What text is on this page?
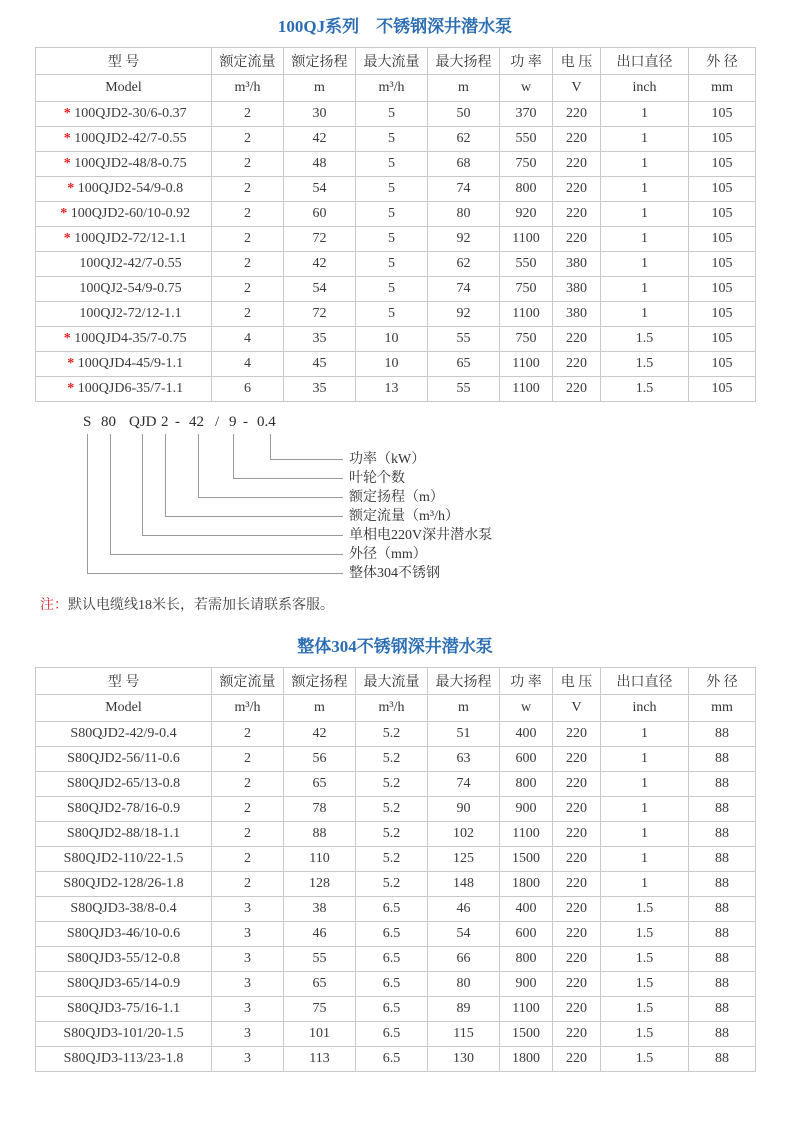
100QJ系列　不锈钢深井潜水泵
型 号	额定流量	额定扬程	最大流量	最大扬程	功 率	电 压	出口直径	外 径
Model	m³/h	m	m³/h	m	w	V	inch	mm
* 100QJD2-30/6-0.37	2	30	5	50	370	220	1	105
* 100QJD2-42/7-0.55	2	42	5	62	550	220	1	105
* 100QJD2-48/8-0.75	2	48	5	68	750	220	1	105
* 100QJD2-54/9-0.8	2	54	5	74	800	220	1	105
* 100QJD2-60/10-0.92	2	60	5	80	920	220	1	105
* 100QJD2-72/12-1.1	2	72	5	92	1100	220	1	105
100QJ2-42/7-0.55	2	42	5	62	550	380	1	105
100QJ2-54/9-0.75	2	54	5	74	750	380	1	105
100QJ2-72/12-1.1	2	72	5	92	1100	380	1	105
* 100QJD4-35/7-0.75	4	35	10	55	750	220	1.5	105
* 100QJD4-45/9-1.1	4	45	10	65	1100	220	1.5	105
* 100QJD6-35/7-1.1	6	35	13	55	1100	220	1.5	105
S 80 QJD 2 - 42 / 9 - 0.4
功率（kW）
叶轮个数
额定扬程（m）
额定流量（m³/h）
单相电220V深井潜水泵
外径（mm）
整体304不锈钢
注：默认电缆线18米长，若需加长请联系客服。
整体304不锈钢深井潜水泵
型 号	额定流量	额定扬程	最大流量	最大扬程	功 率	电 压	出口直径	外 径
Model	m³/h	m	m³/h	m	w	V	inch	mm
S80QJD2-42/9-0.4	2	42	5.2	51	400	220	1	88
S80QJD2-56/11-0.6	2	56	5.2	63	600	220	1	88
S80QJD2-65/13-0.8	2	65	5.2	74	800	220	1	88
S80QJD2-78/16-0.9	2	78	5.2	90	900	220	1	88
S80QJD2-88/18-1.1	2	88	5.2	102	1100	220	1	88
S80QJD2-110/22-1.5	2	110	5.2	125	1500	220	1	88
S80QJD2-128/26-1.8	2	128	5.2	148	1800	220	1	88
S80QJD3-38/8-0.4	3	38	6.5	46	400	220	1.5	88
S80QJD3-46/10-0.6	3	46	6.5	54	600	220	1.5	88
S80QJD3-55/12-0.8	3	55	6.5	66	800	220	1.5	88
S80QJD3-65/14-0.9	3	65	6.5	80	900	220	1.5	88
S80QJD3-75/16-1.1	3	75	6.5	89	1100	220	1.5	88
S80QJD3-101/20-1.5	3	101	6.5	115	1500	220	1.5	88
S80QJD3-113/23-1.8	3	113	6.5	130	1800	220	1.5	88
